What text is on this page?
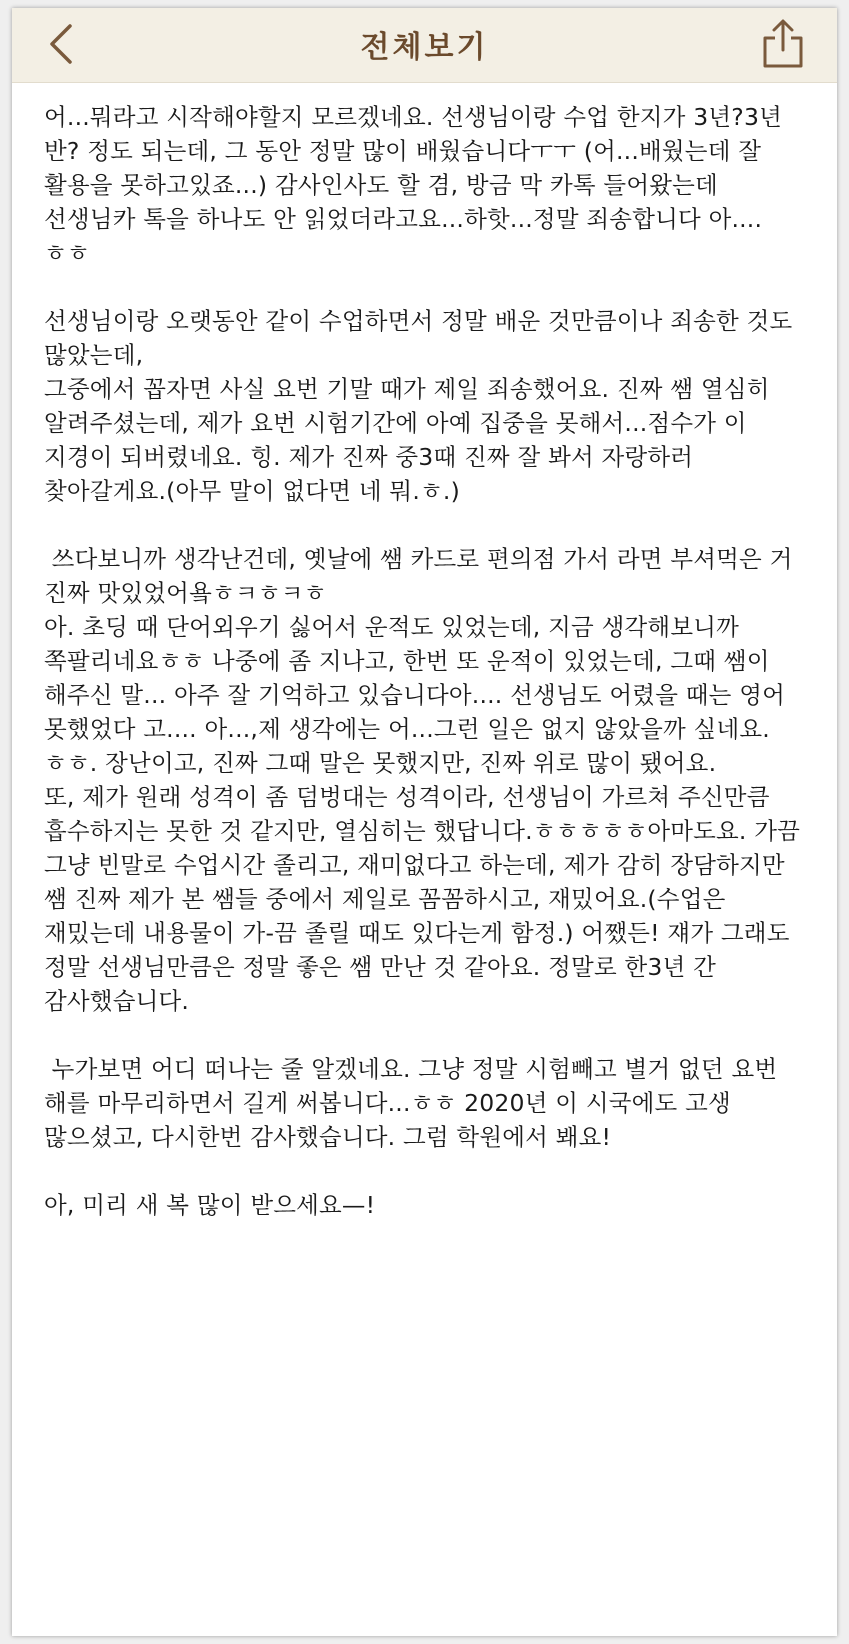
전체보기

어...뭐라고 시작해야할지 모르겠네요. 선생님이랑 수업 한지가 3년?3년 반? 정도 되는데, 그 동안 정말 많이 배웠습니다ㅜㅜ (어...배웠는데 잘 활용을 못하고있죠...) 감사인사도 할 겸, 방금 막 카톡 들어왔는데 선생님카 톡을 하나도 안 읽었더라고요...하핫...정말 죄송합니다 아....ㅎㅎ

선생님이랑 오랫동안 같이 수업하면서 정말 배운 것만큼이나 죄송한 것도 많았는데,
그중에서 꼽자면 사실 요번 기말 때가 제일 죄송했어요. 진짜 쌤 열심히 알려주셨는데, 제가 요번 시험기간에 아예 집중을 못해서...점수가 이 지경이 되버렸네요. 힝. 제가 진짜 중3때 진짜 잘 봐서 자랑하러 찾아갈게요.(아무 말이 없다면 네 뭐.ㅎ.)

쓰다보니까 생각난건데, 옛날에 쌤 카드로 편의점 가서 라면 부셔먹은 거 진짜 맛있었어욬ㅎㅋㅎㅋㅎ
아. 초딩 때 단어외우기 싫어서 운적도 있었는데, 지금 생각해보니까 쪽팔리네요ㅎㅎ 나중에 좀 지나고, 한번 또 운적이 있었는데, 그때 쌤이 해주신 말... 아주 잘 기억하고 있습니다아.... 선생님도 어렸을 때는 영어 못했었다 고.... 아...,제 생각에는 어...그런 일은 없지 않았을까 싶네요.ㅎㅎ. 장난이고, 진짜 그때 말은 못했지만, 진짜 위로 많이 됐어요.
또, 제가 원래 성격이 좀 덤벙대는 성격이라, 선생님이 가르쳐 주신만큼 흡수하지는 못한 것 같지만, 열심히는 했답니다.ㅎㅎㅎㅎㅎ아마도요. 가끔 그냥 빈말로 수업시간 졸리고, 재미없다고 하는데, 제가 감히 장담하지만 쌤 진짜 제가 본 쌤들 중에서 제일로 꼼꼼하시고, 재밌어요.(수업은 재밌는데 내용물이 가-끔 졸릴 때도 있다는게 함정.) 어쨌든! 쟤가 그래도 정말 선생님만큼은 정말 좋은 쌤 만난 것 같아요. 정말로 한3년 간 감사했습니다.

누가보면 어디 떠나는 줄 알겠네요. 그냥 정말 시험빼고 별거 없던 요번 해를 마무리하면서 길게 써봅니다...ㅎㅎ 2020년 이 시국에도 고생 많으셨고, 다시한번 감사했습니다. 그럼 학원에서 봬요!

아, 미리 새 복 많이 받으세요—!
